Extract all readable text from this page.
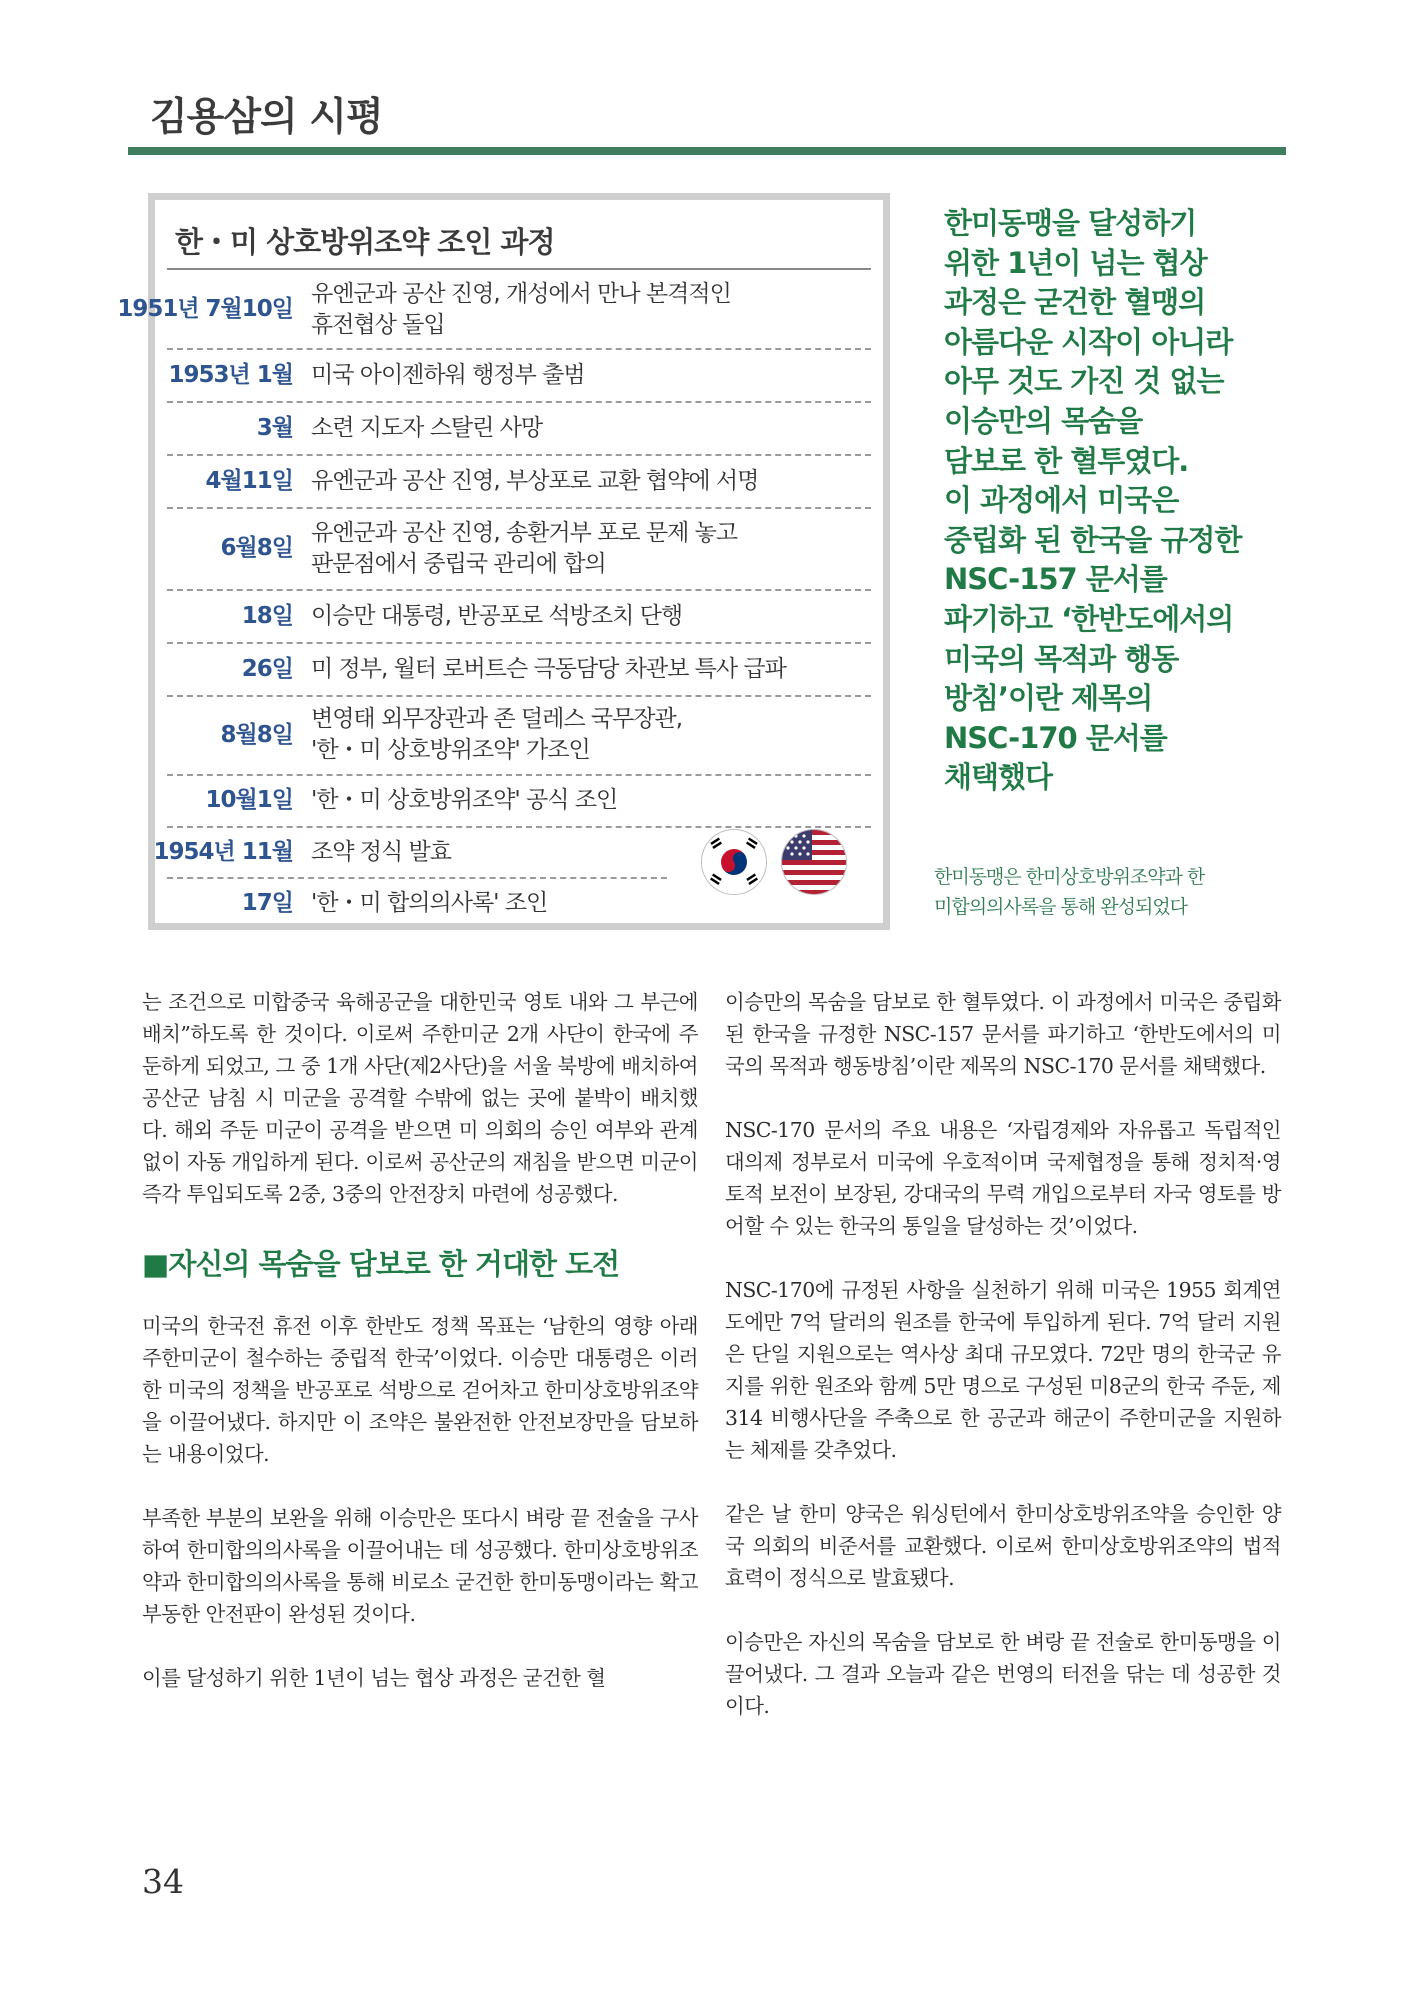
김용삼의 시평
한・미 상호방위조약 조인 과정
1951년 7월10일
유엔군과 공산 진영, 개성에서 만나 본격적인
휴전협상 돌입
1953년 1월 미국 아이젠하워 행정부 출범
3월 소련 지도자 스탈린 사망
4월11일 유엔군과 공산 진영, 부상포로 교환 협약에 서명
6월8일
유엔군과 공산 진영, 송환거부 포로 문제 놓고
판문점에서 중립국 관리에 합의
18일 이승만 대통령, 반공포로 석방조치 단행
26일 미 정부, 월터 로버트슨 극동담당 차관보 특사 급파
8월8일
변영태 외무장관과 존 덜레스 국무장관,
'한・미 상호방위조약' 가조인
10월1일 '한・미 상호방위조약' 공식 조인
1954년 11월 조약 정식 발효
17일 '한・미 합의의사록' 조인
한미동맹을 달성하기
위한 1년이 넘는 협상
과정은 굳건한 혈맹의
아름다운 시작이 아니라
아무 것도 가진 것 없는
이승만의 목숨을
담보로 한 혈투였다.
이 과정에서 미국은
중립화 된 한국을 규정한
NSC-157 문서를
파기하고 ‘한반도에서의
미국의 목적과 행동
방침’이란 제목의
NSC-170 문서를
채택했다
한미동맹은 한미상호방위조약과 한
미합의의사록을 통해 완성되었다

는 조건으로 미합중국 육해공군을 대한민국 영토 내와 그 부근에 배치”하도록 한 것이다. 이로써 주한미군 2개 사단이 한국에 주둔하게 되었고, 그 중 1개 사단(제2사단)을 서울 북방에 배치하여 공산군 남침 시 미군을 공격할 수밖에 없는 곳에 붙박이 배치했다. 해외 주둔 미군이 공격을 받으면 미 의회의 승인 여부와 관계없이 자동 개입하게 된다. 이로써 공산군의 재침을 받으면 미군이 즉각 투입되도록 2중, 3중의 안전장치 마련에 성공했다.

■자신의 목숨을 담보로 한 거대한 도전

미국의 한국전 휴전 이후 한반도 정책 목표는 ‘남한의 영향 아래 주한미군이 철수하는 중립적 한국’이었다. 이승만 대통령은 이러한 미국의 정책을 반공포로 석방으로 걷어차고 한미상호방위조약을 이끌어냈다. 하지만 이 조약은 불완전한 안전보장만을 담보하는 내용이었다.

부족한 부분의 보완을 위해 이승만은 또다시 벼랑 끝 전술을 구사하여 한미합의의사록을 이끌어내는 데 성공했다. 한미상호방위조약과 한미합의의사록을 통해 비로소 굳건한 한미동맹이라는 확고부동한 안전판이 완성된 것이다.

이를 달성하기 위한 1년이 넘는 협상 과정은 굳건한 혈

이승만의 목숨을 담보로 한 혈투였다. 이 과정에서 미국은 중립화 된 한국을 규정한 NSC-157 문서를 파기하고 ‘한반도에서의 미국의 목적과 행동방침’이란 제목의 NSC-170 문서를 채택했다.

NSC-170 문서의 주요 내용은 ‘자립경제와 자유롭고 독립적인 대의제 정부로서 미국에 우호적이며 국제협정을 통해 정치적·영토적 보전이 보장된, 강대국의 무력 개입으로부터 자국 영토를 방어할 수 있는 한국의 통일을 달성하는 것’이었다.

NSC-170에 규정된 사항을 실천하기 위해 미국은 1955 회계연도에만 7억 달러의 원조를 한국에 투입하게 된다. 7억 달러 지원은 단일 지원으로는 역사상 최대 규모였다. 72만 명의 한국군 유지를 위한 원조와 함께 5만 명으로 구성된 미8군의 한국 주둔, 제314 비행사단을 주축으로 한 공군과 해군이 주한미군을 지원하는 체제를 갖추었다.

같은 날 한미 양국은 워싱턴에서 한미상호방위조약을 승인한 양국 의회의 비준서를 교환했다. 이로써 한미상호방위조약의 법적 효력이 정식으로 발효됐다.

이승만은 자신의 목숨을 담보로 한 벼랑 끝 전술로 한미동맹을 이끌어냈다. 그 결과 오늘과 같은 번영의 터전을 닦는 데 성공한 것이다.

34
